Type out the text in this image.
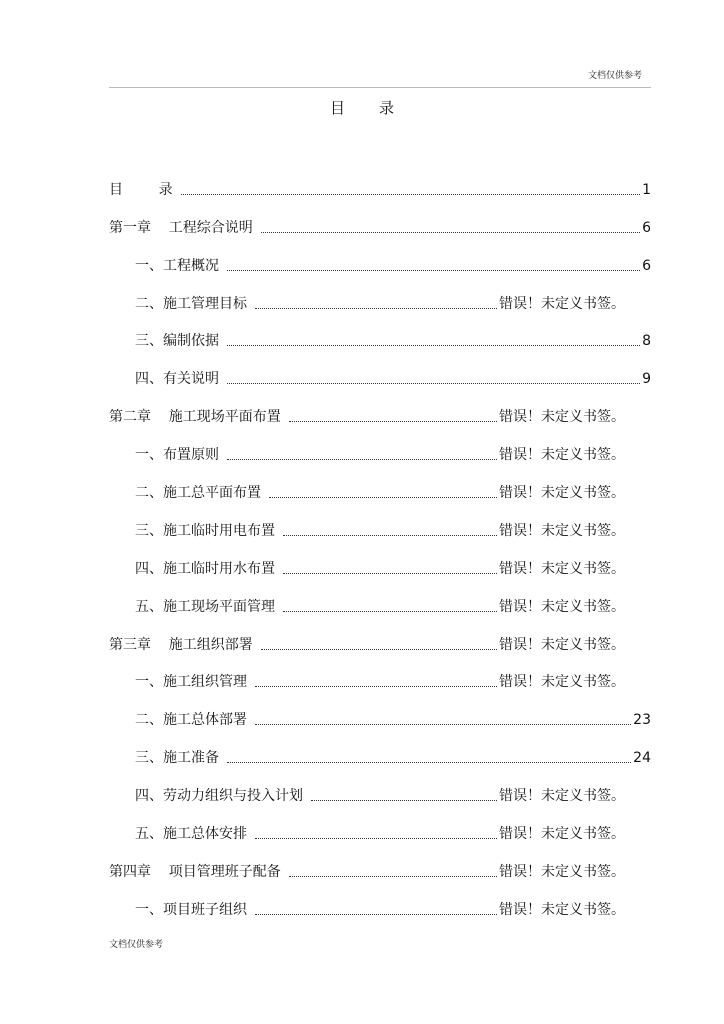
文档仅供参考
目 录
目        录	1
第一章    工程综合说明	6
一、工程概况	6
二、施工管理目标	错误！未定义书签。
三、编制依据	8
四、有关说明	9
第二章    施工现场平面布置	错误！未定义书签。
一、布置原则	错误！未定义书签。
二、施工总平面布置	错误！未定义书签。
三、施工临时用电布置	错误！未定义书签。
四、施工临时用水布置	错误！未定义书签。
五、施工现场平面管理	错误！未定义书签。
第三章    施工组织部署	错误！未定义书签。
一、施工组织管理	错误！未定义书签。
二、施工总体部署	23
三、施工准备	24
四、劳动力组织与投入计划	错误！未定义书签。
五、施工总体安排	错误！未定义书签。
第四章    项目管理班子配备	错误！未定义书签。
一、项目班子组织	错误！未定义书签。
文档仅供参考
